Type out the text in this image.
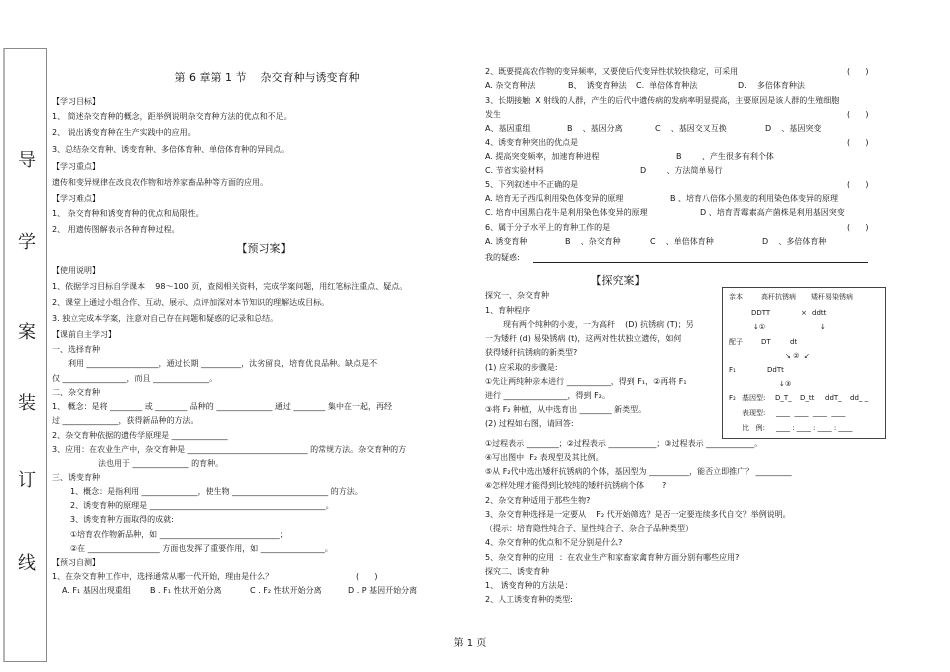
导
学
案
装
订
线
第 6 章第 1 节    杂交育种与诱变育种
【学习目标】
1、 简述杂交育种的概念，距举例说明杂交育种方法的优点和不足。
2、 说出诱变育种在生产实践中的应用。
3、总结杂交育种、诱变育种、多倍体育种、单倍体育种的异同点。
【学习重点】
遗传和变异规律在改良农作物和培养家畜品种等方面的应用。
【学习难点】
1、 杂交育种和诱变育种的优点和局限性。
2、 用遗传图解表示各种育种过程。
【预习案】
【使用说明】
1、依据学习目标自学课本    98～100 页，查阅相关资料，完成学案问题，用红笔标注重点、疑点。
2、课堂上通过小组合作、互动、展示、点评加深对本节知识的理解达成目标。
3. 独立完成本学案，注意对自己存在问题和疑惑的记录和总结。
【课前自主学习】
一、选择育种
利用 __________________，通过长期 __________，汰劣留良，培育优良品种。缺点是不
仅 ________________，而且 ______________。
二、杂交育种
1、 概念：是将 ________ 或 ________ 品种的 ______________ 通过 ________ 集中在一起，再经
过 ______________，获得新品种的方法。
2、杂交育种依据的遗传学原理是 ______________
3、应用：在农业生产中，杂交育种是 ______________________________ 的常规方法。杂交育种的方
法也用于 ______________ 的育种。
三、诱变育种
1、概念：是指利用 ______________，使生物 ________________________ 的方法。
2、诱变育种的原理是 ____________________________________________。
3、诱变育种方面取得的成就:
①培育农作物新品种，如 ______________________________；
②在 __________________ 方面也发挥了重要作用，如 ________________。
【预习自测】
1、在杂交育种工作中，选择通常从哪一代开始，理由是什么？	(      )
A. F₁ 基因出现重组 B . F₁ 性状开始分离	C . F₂ 性状开始分离	D . P 基因开始分离
2、既要提高农作物的变异频率，又要使后代变异性状较快稳定，可采用	(      )
A. 杂交育种法	B、  诱变育种法 C.  单倍体育种法	D.    多倍体育种法
3、长期接触  X 射线的人群，产生的后代中遗传病的发病率明显提高，主要原因是该人群的生殖细胞
发生	(      )
A、基因重组	B    、基因分离	C    、基因交叉互换	D    、基因突变
4、诱变育种突出的优点是	(      )
A. 提高突变频率，加速育种进程	B        、产生很多有利个体
C. 节省实验材料	D        、方法简单易行
5、下列叙述中不正确的是	(      )
A. 培育无子西瓜利用染色体变异的原理	B 、培育八倍体小黑麦的利用染色体变异的原理
C. 培育中国黑白花牛是利用染色体变异的原理	D 、培育青霉素高产菌株是利用基因突变
6、属于分子水平上的育种工作的是	(      )
A. 诱变育种	B    、杂交育种	C    、单倍体育种	D    、多倍体育种
我的疑惑:
【探究案】
探究一、杂交育种
1、育种程序
现有两个纯种的小麦，一为高秆    (D) 抗锈病 (T)；另
一为矮秆 (d) 易染锈病 (t)，这两对性状独立遗传，如何
获得矮秆抗锈病的新类型?
(1) 应采取的步骤是:
①先让两纯种亲本进行 ___________，得到 F₁，②再将 F₁
进行 ________________，得到 F₂。
③将 F₂ 种植，从中选育出 ________ 新类型。
(2) 过程如右图，请回答:
①过程表示 ________；②过程表示 ____________；③过程表示 ____________。
④写出图中  F₂ 表现型及其比例。
⑤从 F₂代中选出矮秆抗锈病的个体，基因型为 __________，能否立即推广？ _________
⑥怎样处理才能得到比较纯的矮秆抗锈病个体       ?
2、杂交育种适用于那些生物?
3、杂交育种选择是一定要从    F₂ 代开始筛选？是否一定要连续多代自交？举例说明。
（提示：培育隐性纯合子、显性纯合子、杂合子品种类型）
4、杂交育种的优点和不足分别是什么?
5、杂交育种的应用  ：在农业生产和家畜家禽育种方面分别有哪些应用?
探究二、诱变育种
1、 诱变育种的方法是：
2、人工诱变育种的类型:
亲本	高秆抗锈病 矮秆易染锈病
DDTT	× ddtt
↓①	↓
配子	DT	dt
↘ ②  ↙
F₁	DdTt
↓③
F₂ 基因型: D_T_ D_tt ddT_ dd_ _
表现型: ____  ____  ____  ____
比   例: ____ : ____ : ____ : ____
第 1 页
